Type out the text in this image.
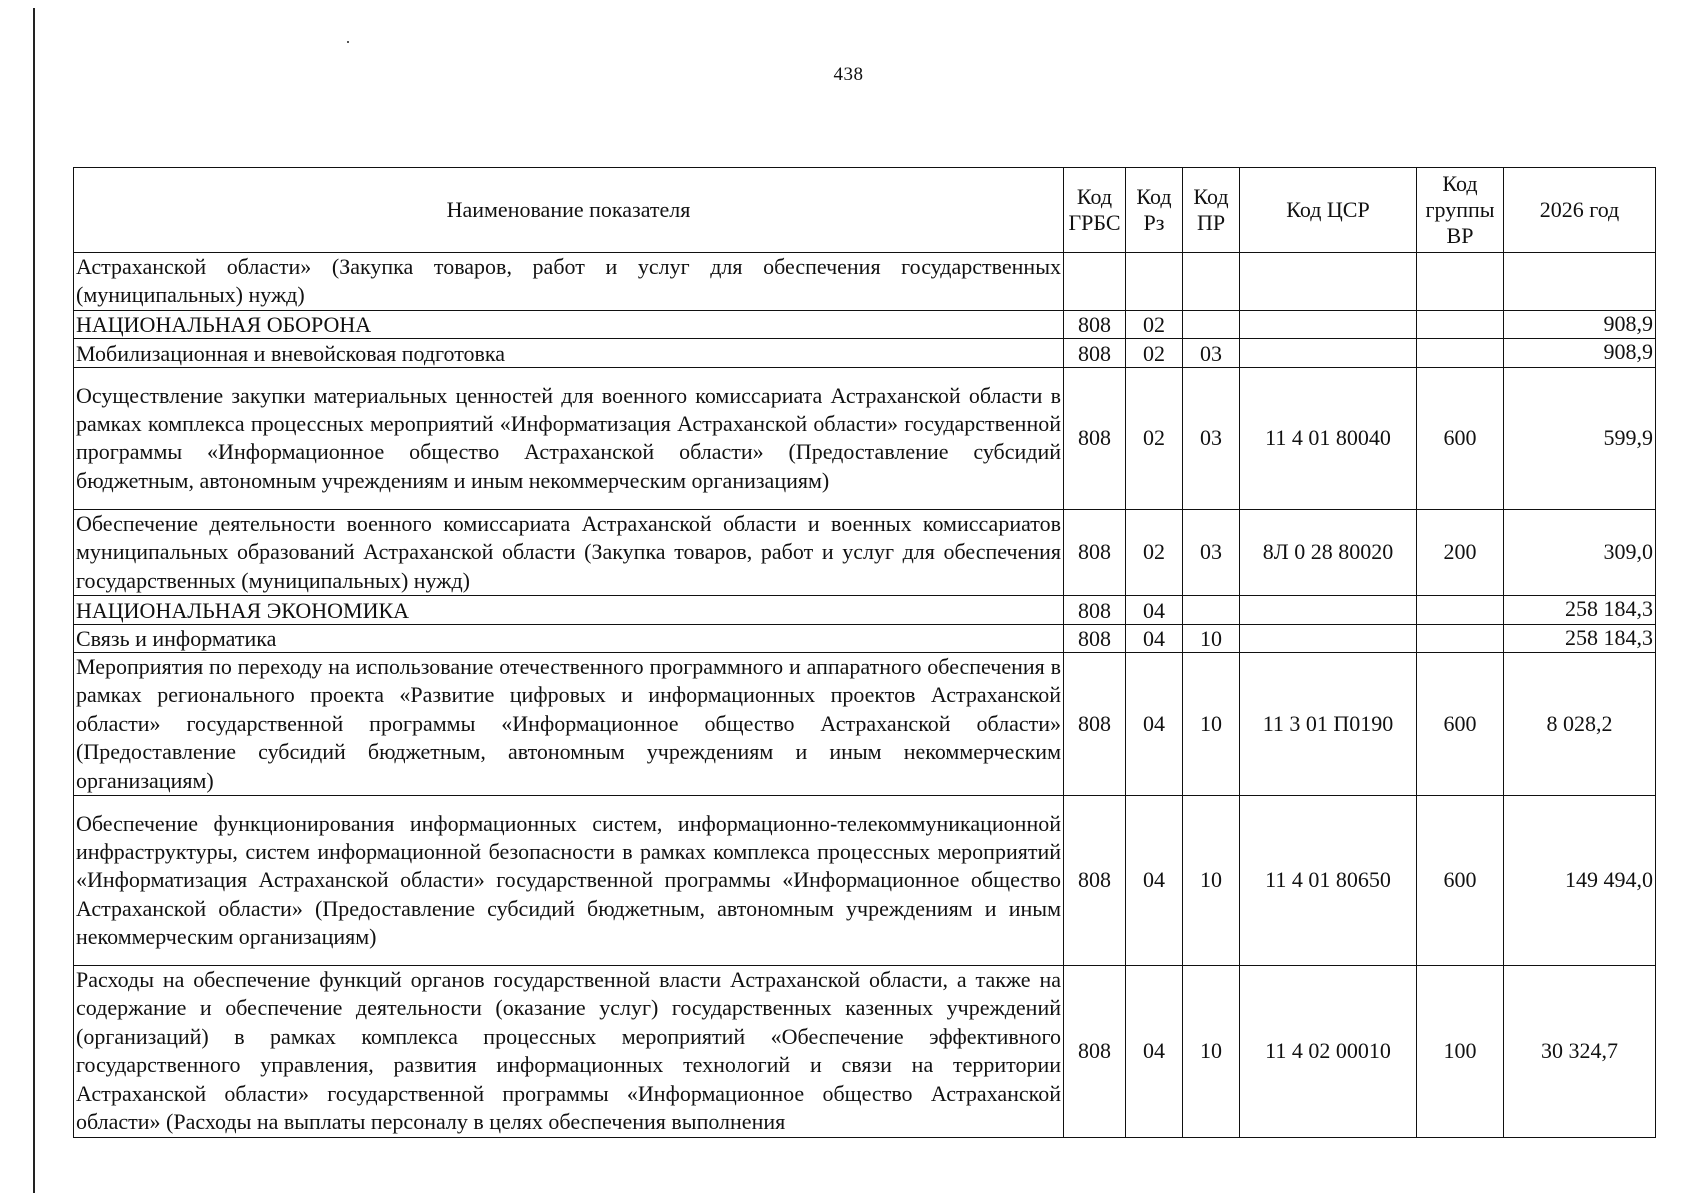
438
Наименование показателя	Код ГРБС	Код Рз	Код ПР	Код ЦСР	Код группы ВР	2026 год
Астраханской области» (Закупка товаров, работ и услуг для обеспечения государственных (муниципальных) нужд)						
НАЦИОНАЛЬНАЯ ОБОРОНА	808	02				908,9
Мобилизационная и вневойсковая подготовка	808	02	03			908,9
Осуществление закупки материальных ценностей для военного комиссариата Астраханской области в рамках комплекса процессных мероприятий «Информатизация Астраханской области» государственной программы «Информационное общество Астраханской области» (Предоставление субсидий бюджетным, автономным учреждениям и иным некоммерческим организациям)	808	02	03	11 4 01 80040	600	599,9
Обеспечение деятельности военного комиссариата Астраханской области и военных комиссариатов муниципальных образований Астраханской области (Закупка товаров, работ и услуг для обеспечения государственных (муниципальных) нужд)	808	02	03	8Л 0 28 80020	200	309,0
НАЦИОНАЛЬНАЯ ЭКОНОМИКА	808	04				258 184,3
Связь и информатика	808	04	10			258 184,3
Мероприятия по переходу на использование отечественного программного и аппаратного обеспечения в рамках регионального проекта «Развитие цифровых и информационных проектов Астраханской области» государственной программы «Информационное общество Астраханской области» (Предоставление субсидий бюджетным, автономным учреждениям и иным некоммерческим организациям)	808	04	10	11 3 01 П0190	600	8 028,2
Обеспечение функционирования информационных систем, информационно-телекоммуникационной инфраструктуры, систем информационной безопасности в рамках комплекса процессных мероприятий «Информатизация Астраханской области» государственной программы «Информационное общество Астраханской области» (Предоставление субсидий бюджетным, автономным учреждениям и иным некоммерческим организациям)	808	04	10	11 4 01 80650	600	149 494,0
Расходы на обеспечение функций органов государственной власти Астраханской области, а также на содержание и обеспечение деятельности (оказание услуг) государственных казенных учреждений (организаций) в рамках комплекса процессных мероприятий «Обеспечение эффективного государственного управления, развития информационных технологий и связи на территории Астраханской области» государственной программы «Информационное общество Астраханской области» (Расходы на выплаты персоналу в целях обеспечения выполнения	808	04	10	11 4 02 00010	100	30 324,7
